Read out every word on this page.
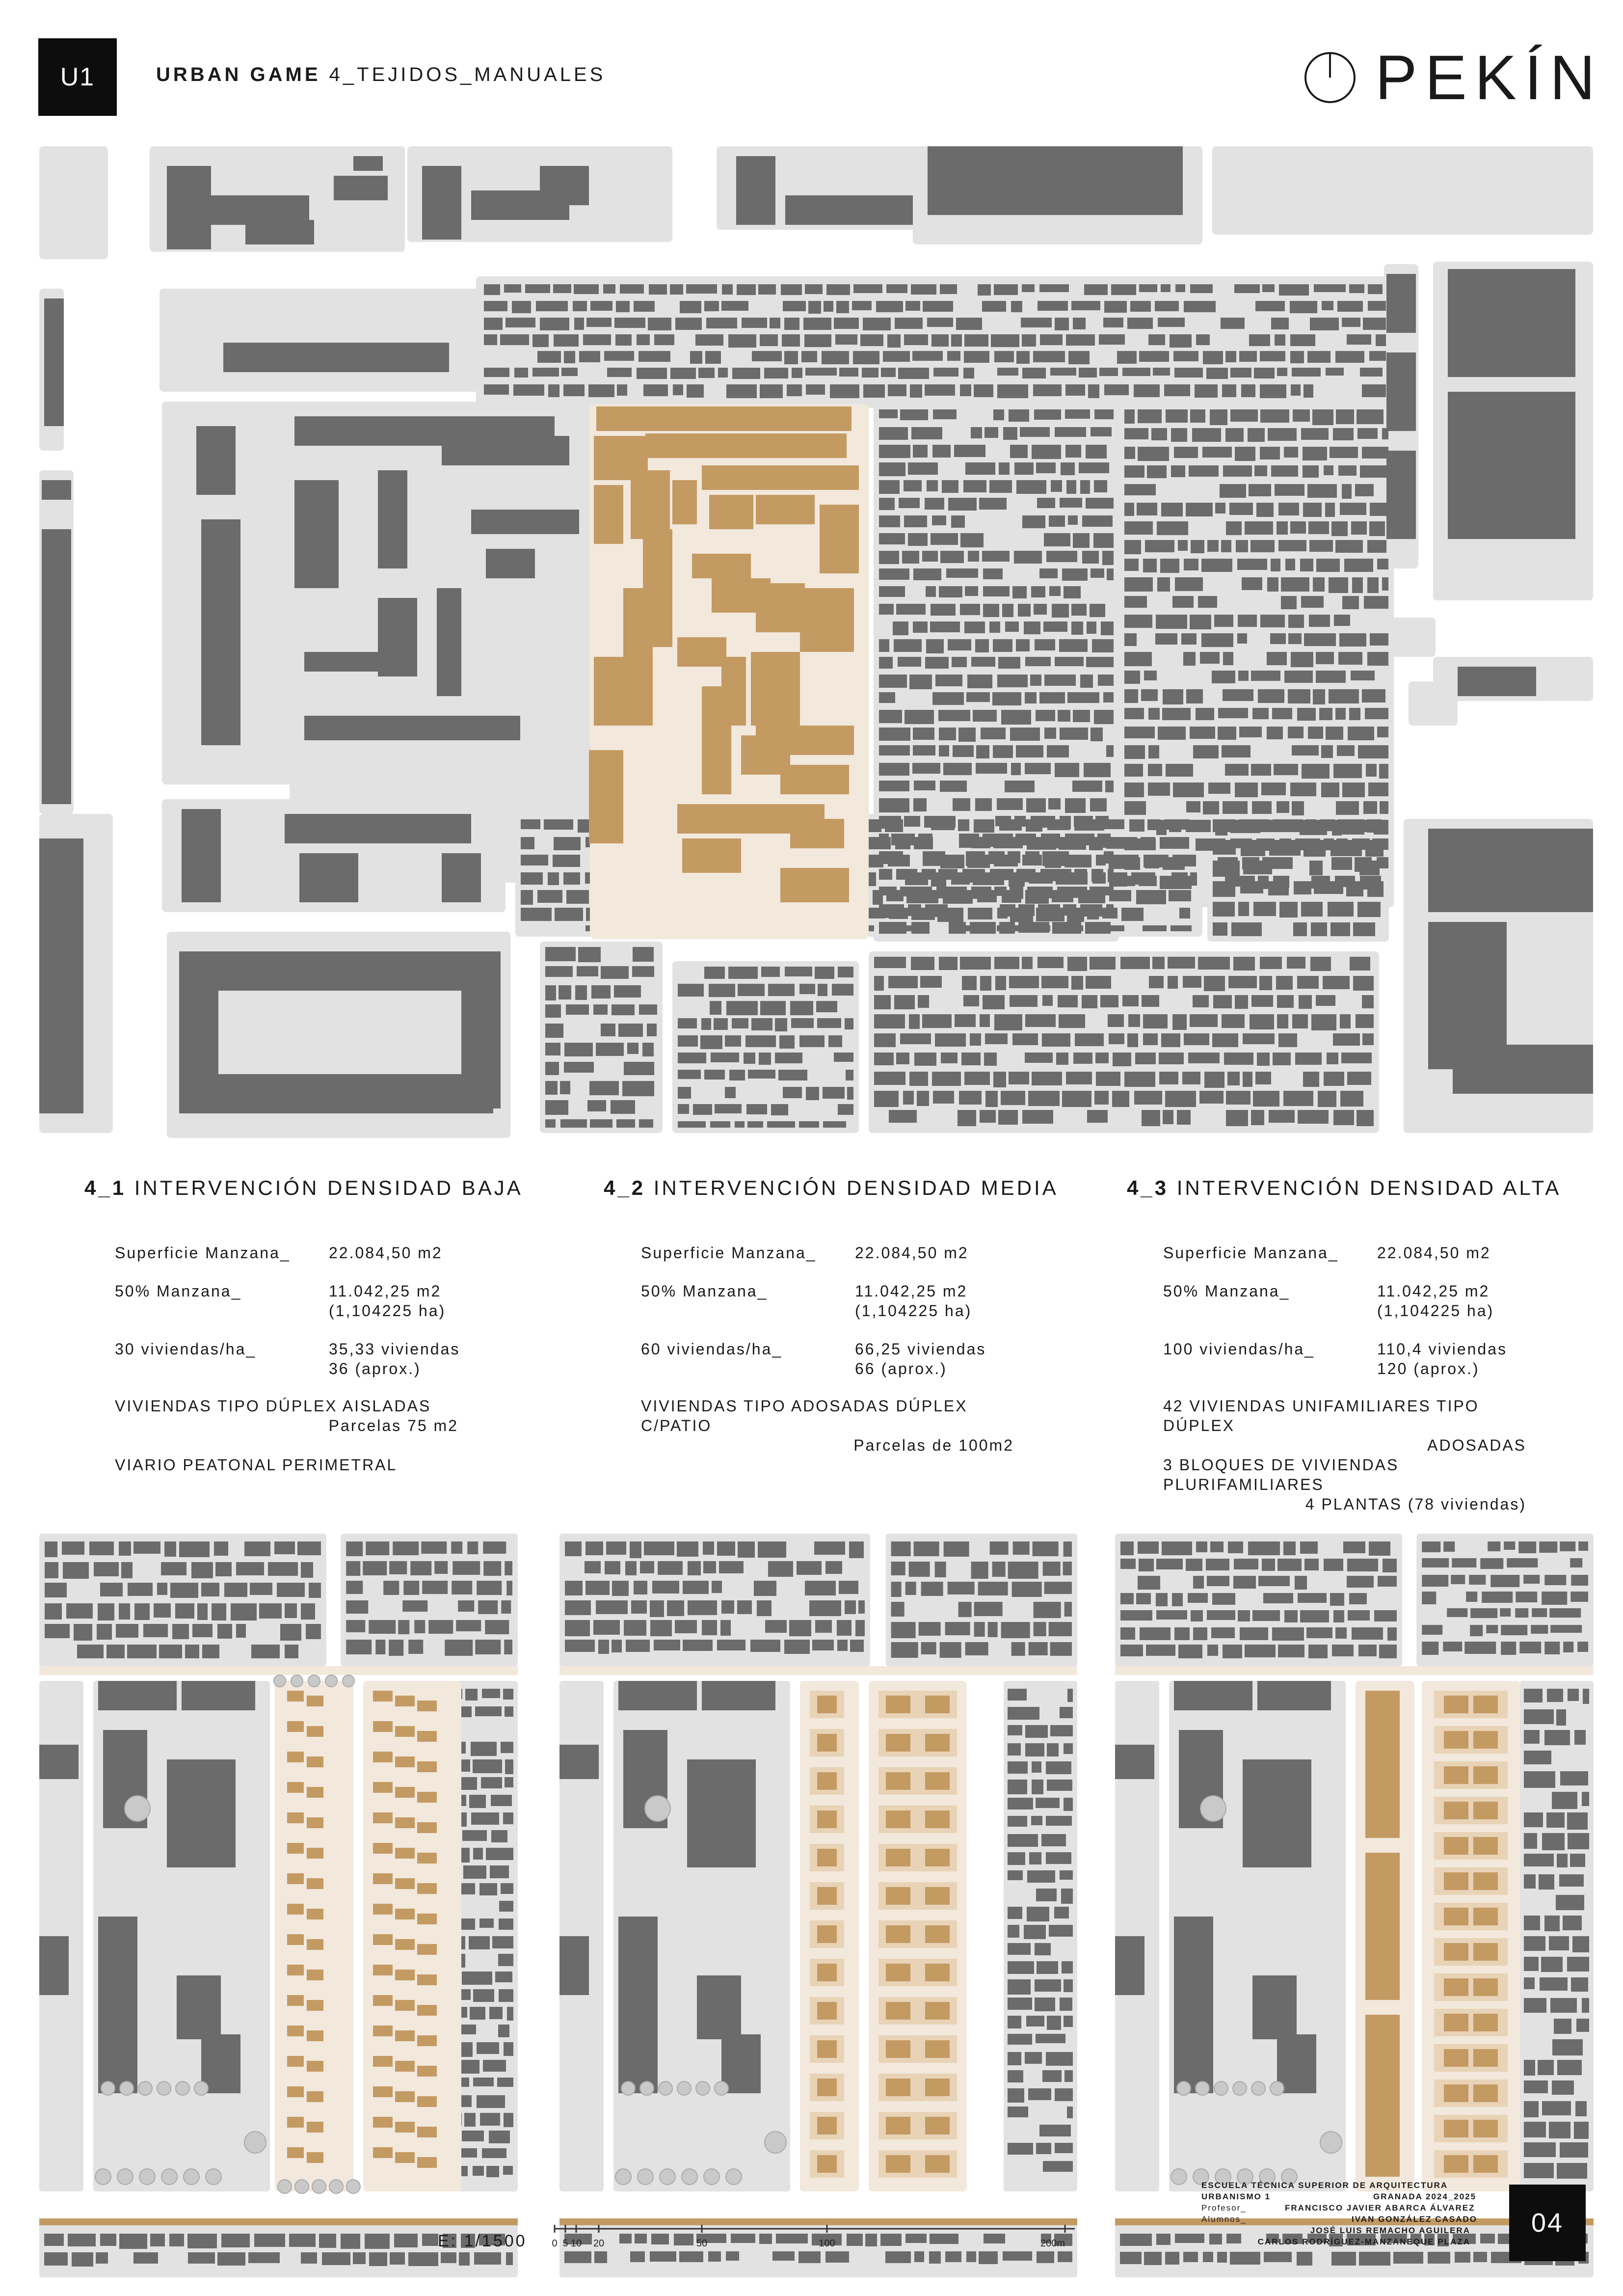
U1	URBAN GAME 4_TEJIDOS_MANUALES	PEKÍN
4_1 INTERVENCIÓN DENSIDAD BAJA
Superficie Manzana_ 22.084,50 m2
50% Manzana_	11.042,25 m2
(1,104225 ha)
30 viviendas/ha_	35,33 viviendas
36 (aprox.)
VIVIENDAS TIPO DÚPLEX AISLADAS
Parcelas 75 m2
VIARIO PEATONAL PERIMETRAL
4_2 INTERVENCIÓN DENSIDAD MEDIA
Superficie Manzana_ 22.084,50 m2
50% Manzana_	11.042,25 m2
(1,104225 ha)
60 viviendas/ha_	66,25 viviendas
66 (aprox.)
VIVIENDAS TIPO ADOSADAS DÚPLEX C/PATIO
Parcelas de 100m2
4_3 INTERVENCIÓN DENSIDAD ALTA
Superficie Manzana_ 22.084,50 m2
50% Manzana_	11.042,25 m2
(1,104225 ha)
100 viviendas/ha_	110,4 viviendas
120 (aprox.)
42 VIVIENDAS UNIFAMILIARES TIPO DÚPLEX
ADOSADAS
3 BLOQUES DE VIVIENDAS PLURIFAMILIARES
4 PLANTAS (78 viviendas)
E: 1/1500	0 5 10 20	50	100	200m
ESCUELA TÉCNICA SUPERIOR DE ARQUITECTURA
URBANISMO 1	GRANADA 2024_2025
Profesor_	FRANCISCO JAVIER ABARCA ÁLVAREZ
Alumnos_	IVAN GONZÁLEZ CASADO
JOSÉ LUIS REMACHO AGUILERA
CARLOS RODRÍGUEZ-MANZANEQUE PLAZA
04
